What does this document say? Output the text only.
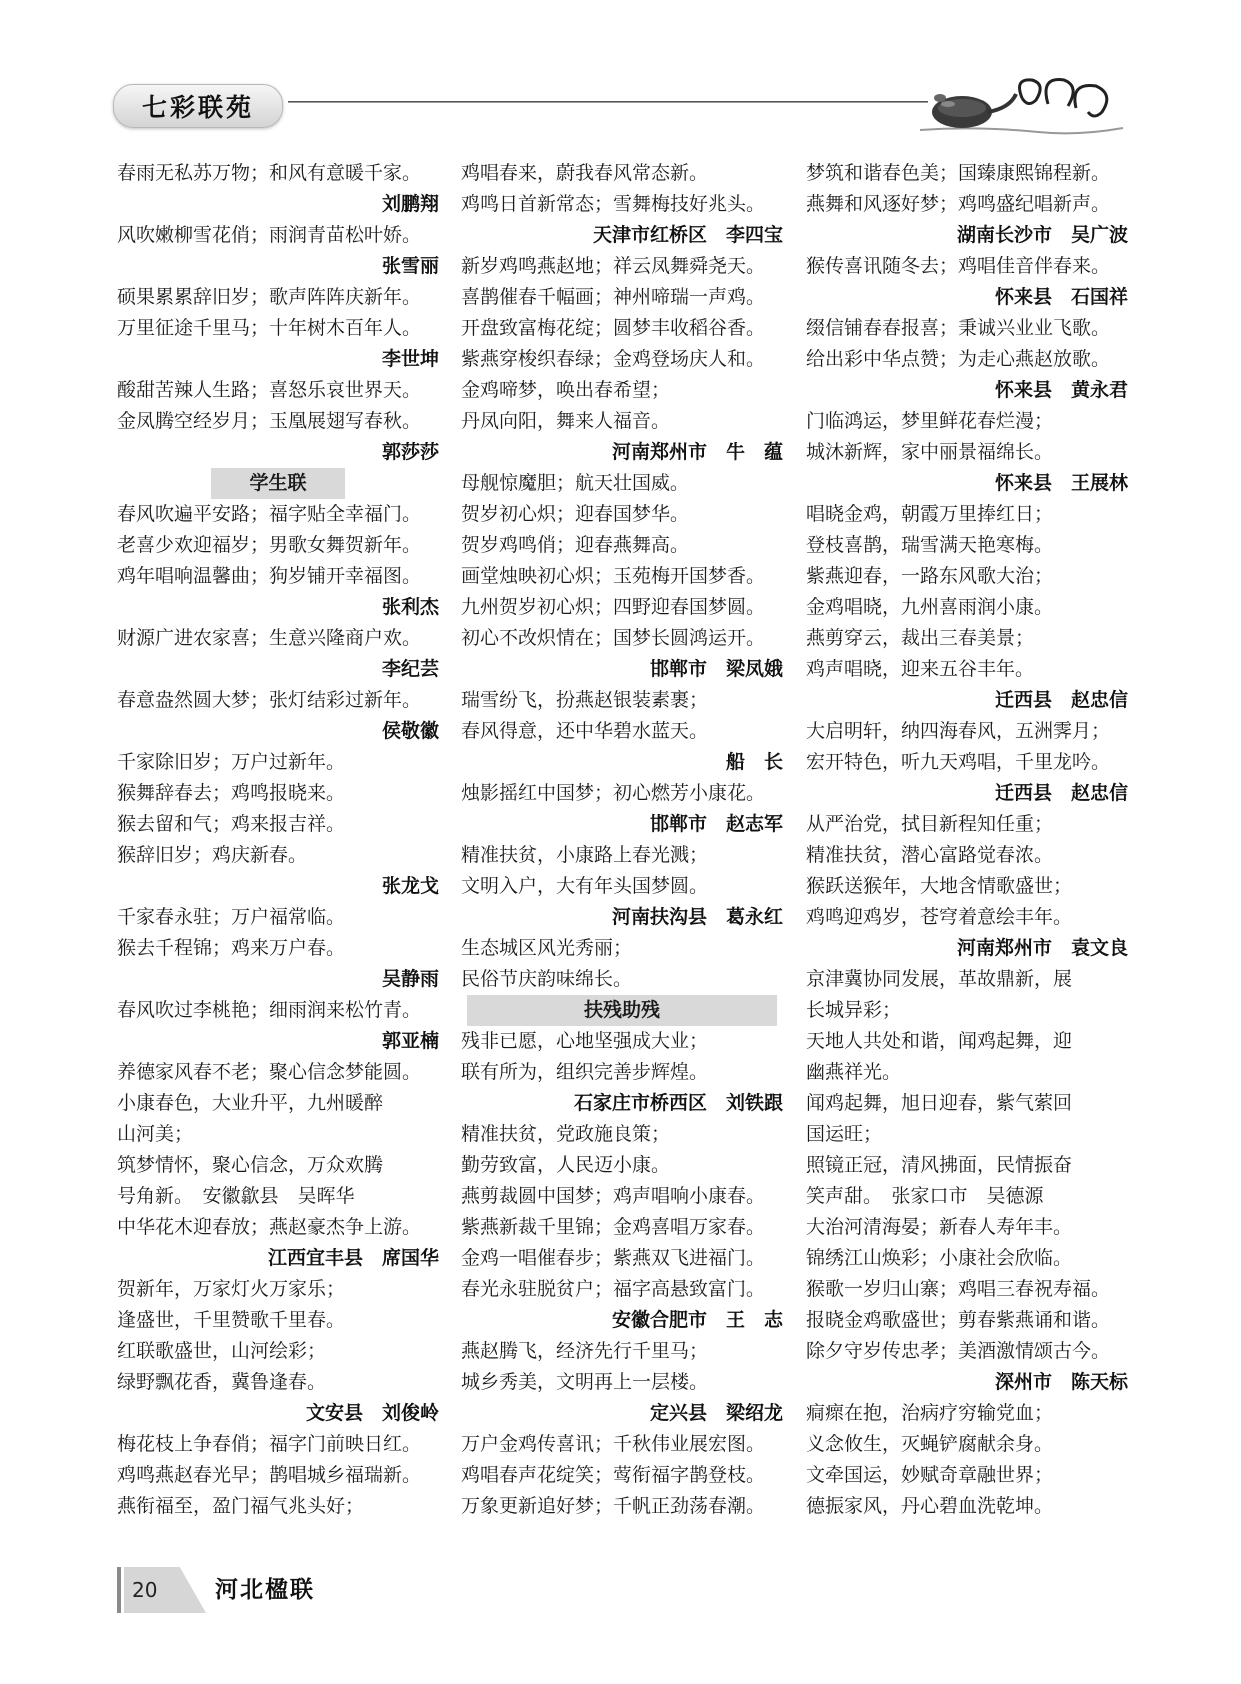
七彩联苑
春雨无私苏万物；和风有意暖千家。
刘鹏翔
风吹嫩柳雪花俏；雨润青苗松叶娇。
张雪丽
硕果累累辞旧岁；歌声阵阵庆新年。
万里征途千里马；十年树木百年人。
李世坤
酸甜苦辣人生路；喜怒乐哀世界天。
金凤腾空经岁月；玉凰展翅写春秋。
郭莎莎
学生联
春风吹遍平安路；福字贴全幸福门。
老喜少欢迎福岁；男歌女舞贺新年。
鸡年唱响温馨曲；狗岁铺开幸福图。
张利杰
财源广进农家喜；生意兴隆商户欢。
李纪芸
春意盎然圆大梦；张灯结彩过新年。
侯敬徽
千家除旧岁；万户过新年。
猴舞辞春去；鸡鸣报晓来。
猴去留和气；鸡来报吉祥。
猴辞旧岁；鸡庆新春。
张龙戈
千家春永驻；万户福常临。
猴去千程锦；鸡来万户春。
吴静雨
春风吹过李桃艳；细雨润来松竹青。
郭亚楠
养德家风春不老；聚心信念梦能圆。
小康春色，大业升平，九州暖醉
山河美；
筑梦情怀，聚心信念，万众欢腾
号角新。　安徽歙县　吴晖华
中华花木迎春放；燕赵豪杰争上游。
江西宜丰县　席国华
贺新年，万家灯火万家乐；
逢盛世，千里赞歌千里春。
红联歌盛世，山河绘彩；
绿野飘花香，冀鲁逢春。
文安县　刘俊岭
梅花枝上争春俏；福字门前映日红。
鸡鸣燕赵春光早；鹊唱城乡福瑞新。
燕衔福至，盈门福气兆头好；
鸡唱春来，蔚我春风常态新。
鸡鸣日首新常态；雪舞梅技好兆头。
天津市红桥区　李四宝
新岁鸡鸣燕赵地；祥云凤舞舜尧天。
喜鹊催春千幅画；神州啼瑞一声鸡。
开盘致富梅花绽；圆梦丰收稻谷香。
紫燕穿梭织春绿；金鸡登场庆人和。
金鸡啼梦，唤出春希望；
丹凤向阳，舞来人福音。
河南郑州市　牛　蕴
母舰惊魔胆；航天壮国威。
贺岁初心炽；迎春国梦华。
贺岁鸡鸣俏；迎春燕舞高。
画堂烛映初心炽；玉苑梅开国梦香。
九州贺岁初心炽；四野迎春国梦圆。
初心不改炽情在；国梦长圆鸿运开。
邯郸市　梁凤娥
瑞雪纷飞，扮燕赵银装素裹；
春风得意，还中华碧水蓝天。
船　长
烛影摇红中国梦；初心燃芳小康花。
邯郸市　赵志军
精准扶贫，小康路上春光溅；
文明入户，大有年头国梦圆。
河南扶沟县　葛永红
生态城区风光秀丽；
民俗节庆韵味绵长。
扶残助残
残非已愿，心地坚强成大业；
联有所为，组织完善步辉煌。
石家庄市桥西区　刘铁跟
精准扶贫，党政施良策；
勤劳致富，人民迈小康。
燕剪裁圆中国梦；鸡声唱响小康春。
紫燕新裁千里锦；金鸡喜唱万家春。
金鸡一唱催春步；紫燕双飞进福门。
春光永驻脱贫户；福字高悬致富门。
安徽合肥市　王　志
燕赵腾飞，经济先行千里马；
城乡秀美，文明再上一层楼。
定兴县　梁绍龙
万户金鸡传喜讯；千秋伟业展宏图。
鸡唱春声花绽笑；莺衔福字鹊登枝。
万象更新追好梦；千帆正劲荡春潮。
梦筑和谐春色美；国臻康熙锦程新。
燕舞和风逐好梦；鸡鸣盛纪唱新声。
湖南长沙市　吴广波
猴传喜讯随冬去；鸡唱佳音伴春来。
怀来县　石国祥
缀信铺春春报喜；秉诚兴业业飞歌。
给出彩中华点赞；为走心燕赵放歌。
怀来县　黄永君
门临鸿运，梦里鲜花春烂漫；
城沐新辉，家中丽景福绵长。
怀来县　王展林
唱晓金鸡，朝霞万里捧红日；
登枝喜鹊，瑞雪满天艳寒梅。
紫燕迎春，一路东风歌大治；
金鸡唱晓，九州喜雨润小康。
燕剪穿云，裁出三春美景；
鸡声唱晓，迎来五谷丰年。
迁西县　赵忠信
大启明轩，纳四海春风，五洲霁月；
宏开特色，听九天鸡唱，千里龙吟。
迁西县　赵忠信
从严治党，拭目新程知任重；
精准扶贫，潜心富路觉春浓。
猴跃送猴年，大地含情歌盛世；
鸡鸣迎鸡岁，苍穹着意绘丰年。
河南郑州市　袁文良
京津冀协同发展，革故鼎新，展
长城异彩；
天地人共处和谐，闻鸡起舞，迎
幽燕祥光。
闻鸡起舞，旭日迎春，紫气萦回
国运旺；
照镜正冠，清风拂面，民情振奋
笑声甜。　张家口市　吴德源
大治河清海晏；新春人寿年丰。
锦绣江山焕彩；小康社会欣临。
猴歌一岁归山寨；鸡唱三春祝寿福。
报晓金鸡歌盛世；剪春紫燕诵和谐。
除夕守岁传忠孝；美酒激情颂古今。
深州市　陈天标
痌瘝在抱，治病疗穷输党血；
义念攸生，灭蝇铲腐献余身。
文牵国运，妙赋奇章融世界；
德振家风，丹心碧血洗乾坤。
20	河北楹联
